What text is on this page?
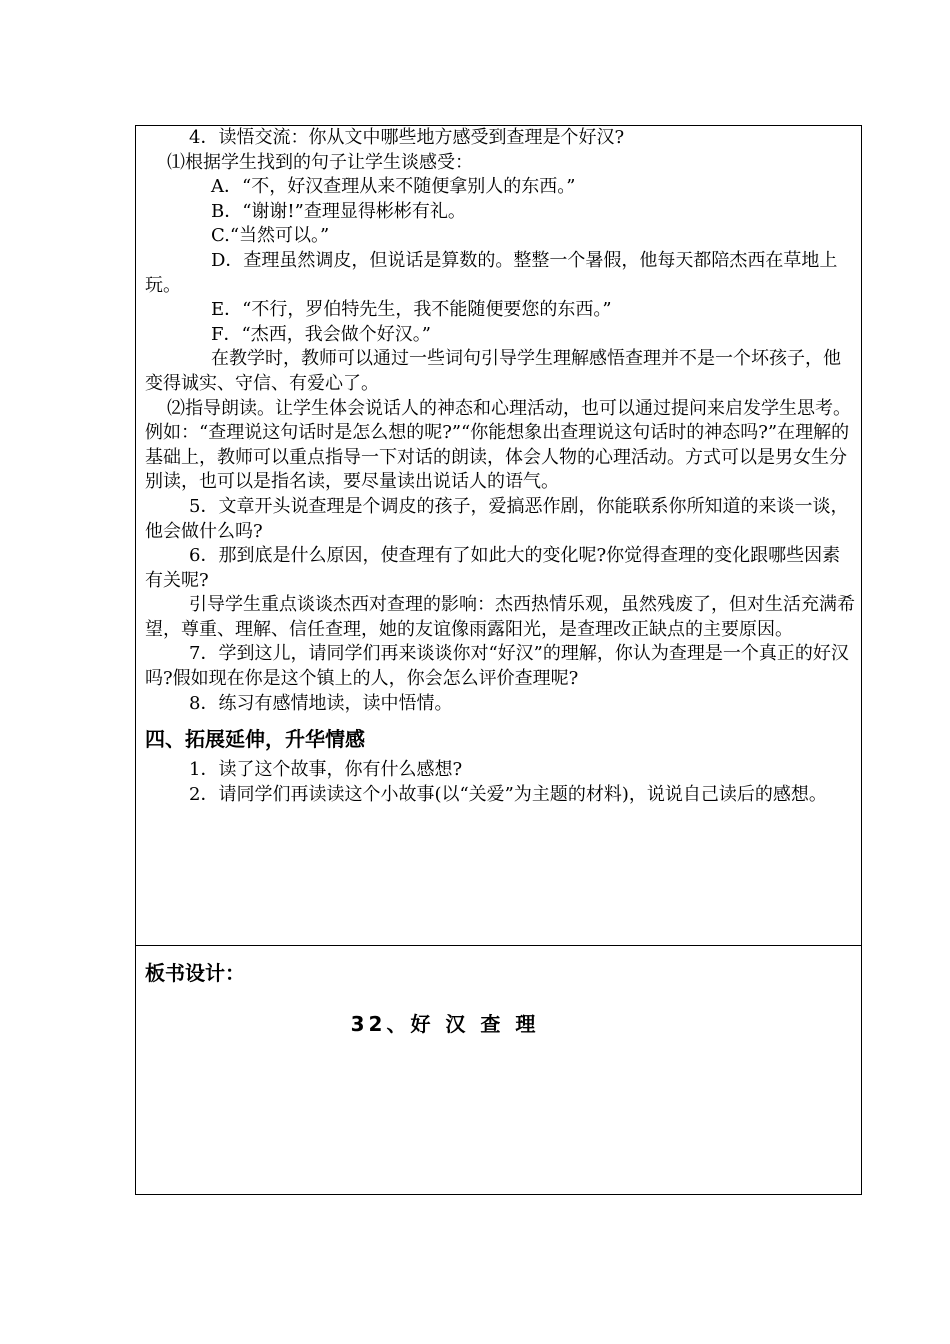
4．读悟交流：你从文中哪些地方感受到查理是个好汉?

⑴根据学生找到的句子让学生谈感受：

A．“不，好汉查理从来不随便拿别人的东西。”

B．“谢谢!”查理显得彬彬有礼。

C.“当然可以。”

D．查理虽然调皮，但说话是算数的。整整一个暑假，他每天都陪杰西在草地上玩。

E．“不行，罗伯特先生，我不能随便要您的东西。”

F．“杰西，我会做个好汉。”

在教学时，教师可以通过一些词句引导学生理解感悟查理并不是一个坏孩子，他变得诚实、守信、有爱心了。

⑵指导朗读。让学生体会说话人的神态和心理活动，也可以通过提问来启发学生思考。例如：“查理说这句话时是怎么想的呢?”“你能想象出查理说这句话时的神态吗?”在理解的基础上，教师可以重点指导一下对话的朗读，体会人物的心理活动。方式可以是男女生分别读，也可以是指名读，要尽量读出说话人的语气。

5．文章开头说查理是个调皮的孩子，爱搞恶作剧，你能联系你所知道的来谈一谈，他会做什么吗?

6．那到底是什么原因，使查理有了如此大的变化呢?你觉得查理的变化跟哪些因素有关呢?

引导学生重点谈谈杰西对查理的影响：杰西热情乐观，虽然残废了，但对生活充满希望，尊重、理解、信任查理，她的友谊像雨露阳光，是查理改正缺点的主要原因。

7．学到这儿，请同学们再来谈谈你对“好汉”的理解，你认为查理是一个真正的好汉吗?假如现在你是这个镇上的人，你会怎么评价查理呢?

8．练习有感情地读，读中悟情。

四、拓展延伸，升华情感

1．读了这个故事，你有什么感想?

2．请同学们再读读这个小故事(以“关爱”为主题的材料)，说说自己读后的感想。

板书设计：

32、好 汉 查 理
